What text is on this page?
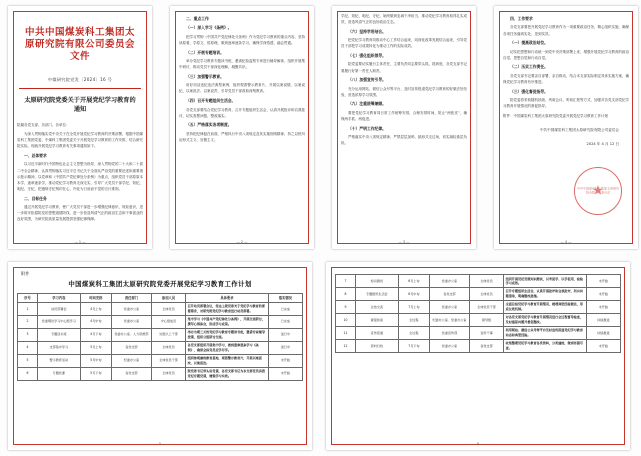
中共中国煤炭科工集团太原研究院有限公司委员会文件
中煤研究院党发〔2024〕16 号
太原研究院党委关于开展党纪学习教育的通知
院属各党支部、各部门、各单位：
为深入贯彻落实党中央关于在全党开展党纪学习教育的决策部署，根据中国煤炭科工集团党委、中煤科工集团党委关于开展党纪学习教育的工作安排，结合研究院实际，现就开展党纪学习教育有关事项通知如下。
一、总体要求
以习近平新时代中国特色社会主义思想为指导，深入贯彻党的二十大和二十届二中全会精神，认真贯彻落实习近平总书记关于全面从严治党的重要论述和重要指示批示精神，以党章和《中国共产党纪律处分条例》为重点，组织党员干部原原本本学、逐章逐条学，推动党纪学习教育走深走实，引导广大党员干部学纪、知纪、明纪、守纪，把遵规守纪刻印在心，内化为日用而不觉的言行准则。
二、目标任务
通过开展党纪学习教育，使广大党员干部进一步增强纪律意识、规矩意识，进一步筑牢拒腐防变的思想道德防线，进一步营造风清气正的政治生态和干事创业的良好氛围，为研究院高质量发展提供坚强纪律保障。
— 1 —
二、重点工作
（一）深入学习《条例》。
把学习贯彻《中国共产党纪律处分条例》作为党纪学习教育的重点内容，坚持读原著、学原文、悟原理，做到逐章逐条学习，确保学深悟透、融会贯通。
（二）开展专题培训。
举办党纪学习教育专题读书班，邀请纪检监察专家进行辅导解读，组织开展集中研讨，推动党员干部深化理解、凝聚共识。
（三）加强警示教育。
用好用活违纪违法典型案例，组织观看警示教育片，开展以案说德、以案说纪、以案说法、以案说责，引导党员干部汲取深刻教训。
（四）召开专题组织生活会。
各党支部要结合党纪学习教育，召开专题组织生活会，认真开展批评和自我批评，切实查摆问题、整改落实。
（五）严格落实各项制度。
坚持把纪律挺在前面，严格执行中央八项规定及其实施细则精神，持之以恒纠治形式主义、官僚主义。
— 2 —
学纪、知纪、明纪、守纪，始终做到忠诚干净担当，推动党纪学习教育取得扎实成效，营造风清气正的良好政治生态。
（六）坚持学用结合。
把党纪学习教育同推动中心工作结合起来，同深化改革发展结合起来，引导党员干部把学习成果转化为推动工作的实际成效。
（七）强化组织领导。
院党委要切实履行主体责任，主要负责同志要带头抓、抓到底，各党支部书记要履行好第一责任人职责。
（八）加强宣传引导。
充分运用网站、微信公众号等平台，及时宣传报道党纪学习教育的好做法好经验，营造浓厚学习氛围。
（九）注重统筹兼顾。
要把党纪学习教育同日常工作统筹安排，合理安排时间，防止“两张皮”，确保两手抓、两促进。
（十）严明工作纪律。
严格落实中央八项规定精神，严禁层层加码、搞形式走过场，切实减轻基层负担。
— 3 —
四、工作要求
各党支部要把开展党纪学习教育作为一项重要政治任务，精心组织实施，确保各项任务落到实处、见到实效。
（一）提高政治站位。
切实把思想和行动统一到党中央决策部署上来，增强开展党纪学习教育的政治自觉、思想自觉和行动自觉。
（二）压实工作责任。
各党支部书记要亲自部署、亲自推动，结合本支部实际制定具体实施方案，确保党纪学习教育有序推进。
（三）强化督促指导。
院党委将采取随机抽查、列席会议、听取汇报等方式，加强对各党支部党纪学习教育开展情况的督促指导。
附件：中国煤炭科工集团太原研究院党委开展党纪学习教育工作计划
中共中国煤炭科工集团太原研究院有限公司委员会
★
中共中国煤炭科工集团太原研究院有限公司委员会
2024 年 4 月 12 日
— 4 —
附件
中国煤炭科工集团太原研究院党委开展党纪学习教育工作计划
序号	学习内容	时间安排	责任部门	参加人员	具体要求	落实情况
1	动员部署会	4月上旬	党委办公室	全体党员	召开动员部署会议，传达上级党委关于党纪学习教育的部署要求，对研究院党纪学习教育进行动员部署。	已完成
2	党委理论学习中心组学习	4月中旬	党委办公室	中心组成员	集中学习《中国共产党纪律处分条例》，开展交流研讨，撰写心得体会，形成学习成果。	已完成
3	专题读书班	4月下旬	党委办公室、人力资源部	处级以上干部	举办为期三天的党纪学习教育专题读书班，邀请专家辅导授课，组织分组研讨交流。	进行中
4	支部集中学习	5月上旬	各党支部	全体党员	各党支部组织开展集中学习，做到逐章逐条学习《条例》，确保全体党员应学尽学。	进行中
5	警示教育活动	5月中旬	纪委办公室	全体党员干部	组织参观廉政教育基地，观看警示教育片，开展以案促改、以案促治。	未开始
6	专题党课	5月下旬	各党支部	全体党员	院党委书记带头讲党课，各党支部书记为本支部党员讲授党纪专题党课，增强学习实效。	未开始
— 5 —
7	知识测试	6月上旬	党委办公室	全体党员	组织开展党纪党规知识测试，以考促学、以学促用，检验学习成效。	未开始
8	专题组织生活会	6月中旬	各党支部	全体党员	召开专题组织生活会，认真开展批评和自我批评，列出问题清单，明确整改措施。	未开始
9	总结交流	7月上旬	党委办公室	全体党员干部	全面总结党纪学习教育开展情况，梳理典型经验做法，形成长效机制。	未开始
10	督促检查	全过程	纪委办公室、党委办公室	督导组	对各党支部党纪学习教育开展情况进行全过程督导检查，及时通报问题并督促整改。	持续推进
11	宣传报道	全过程	党委宣传部	宣传干事	利用网站、微信公众号等平台及时宣传报道党纪学习教育动态和典型经验。	持续推进
12	资料归档	7月下旬	党委办公室	各党支部	收集整理党纪学习教育各类资料，分类建档，做到有据可查。	未开始
— 6 —
